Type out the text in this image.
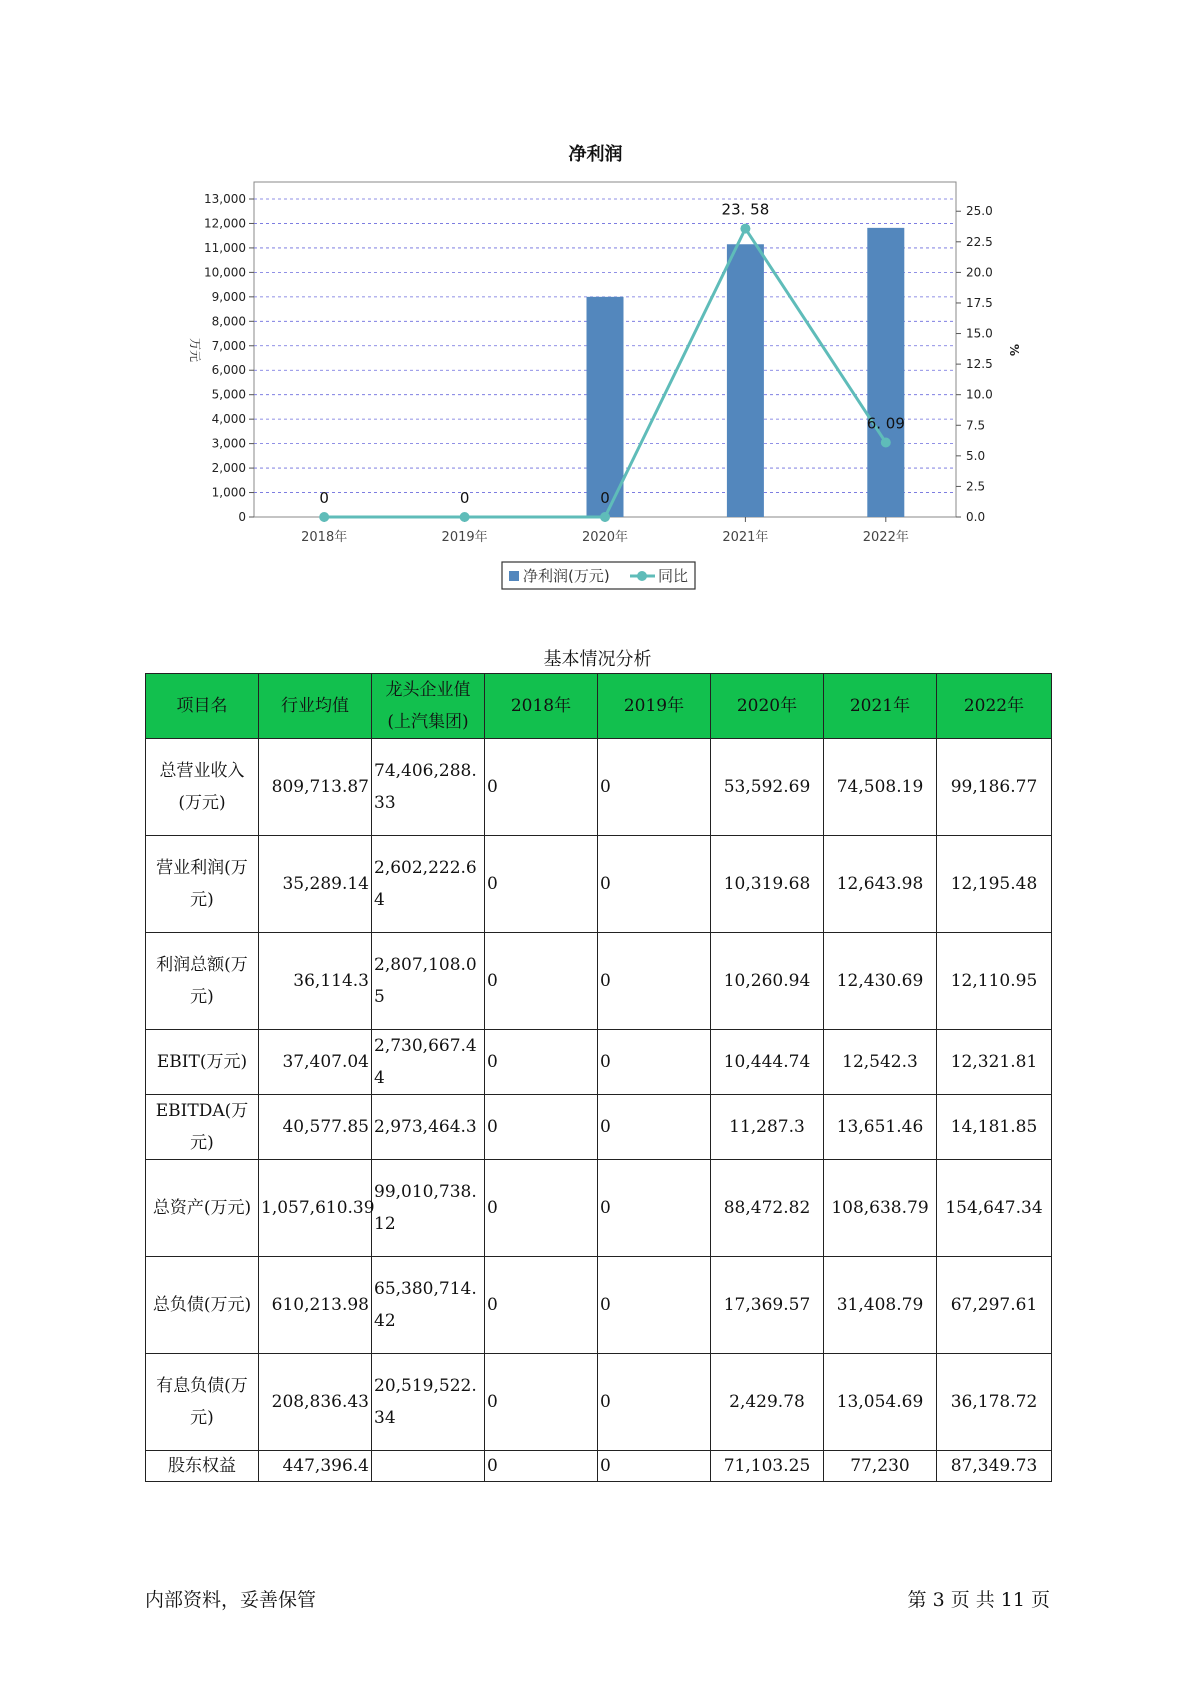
净利润
0
1,000
2,000
3,000
4,000
5,000
6,000
7,000
8,000
9,000
10,000
11,000
12,000
13,000
0.0
2.5
5.0
7.5
10.0
12.5
15.0
17.5
20.0
22.5
25.0
万元	%
2018年	2019年	2020年	2021年	2022年
0	0	0
23. 58
6. 09
净利润(万元)	同比
基本情况分析
项目名	行业均值	龙头企业值(上汽集团)	2018年	2019年	2020年	2021年	2022年
总营业收入(万元)	809,713.87	74,406,288.33	0	0	53,592.69	74,508.19	99,186.77
营业利润(万元)	35,289.14	2,602,222.64	0	0	10,319.68	12,643.98	12,195.48
利润总额(万元)	36,114.3	2,807,108.05	0	0	10,260.94	12,430.69	12,110.95
EBIT(万元)	37,407.04	2,730,667.44	0	0	10,444.74	12,542.3	12,321.81
EBITDA(万元)	40,577.85	2,973,464.3	0	0	11,287.3	13,651.46	14,181.85
总资产(万元)	1,057,610.39	99,010,738.12	0	0	88,472.82	108,638.79	154,647.34
总负债(万元)	610,213.98	65,380,714.42	0	0	17,369.57	31,408.79	67,297.61
有息负债(万元)	208,836.43	20,519,522.34	0	0	2,429.78	13,054.69	36,178.72
股东权益	447,396.4		0	0	71,103.25	77,230	87,349.73
内部资料，妥善保管	第 3 页 共 11 页
